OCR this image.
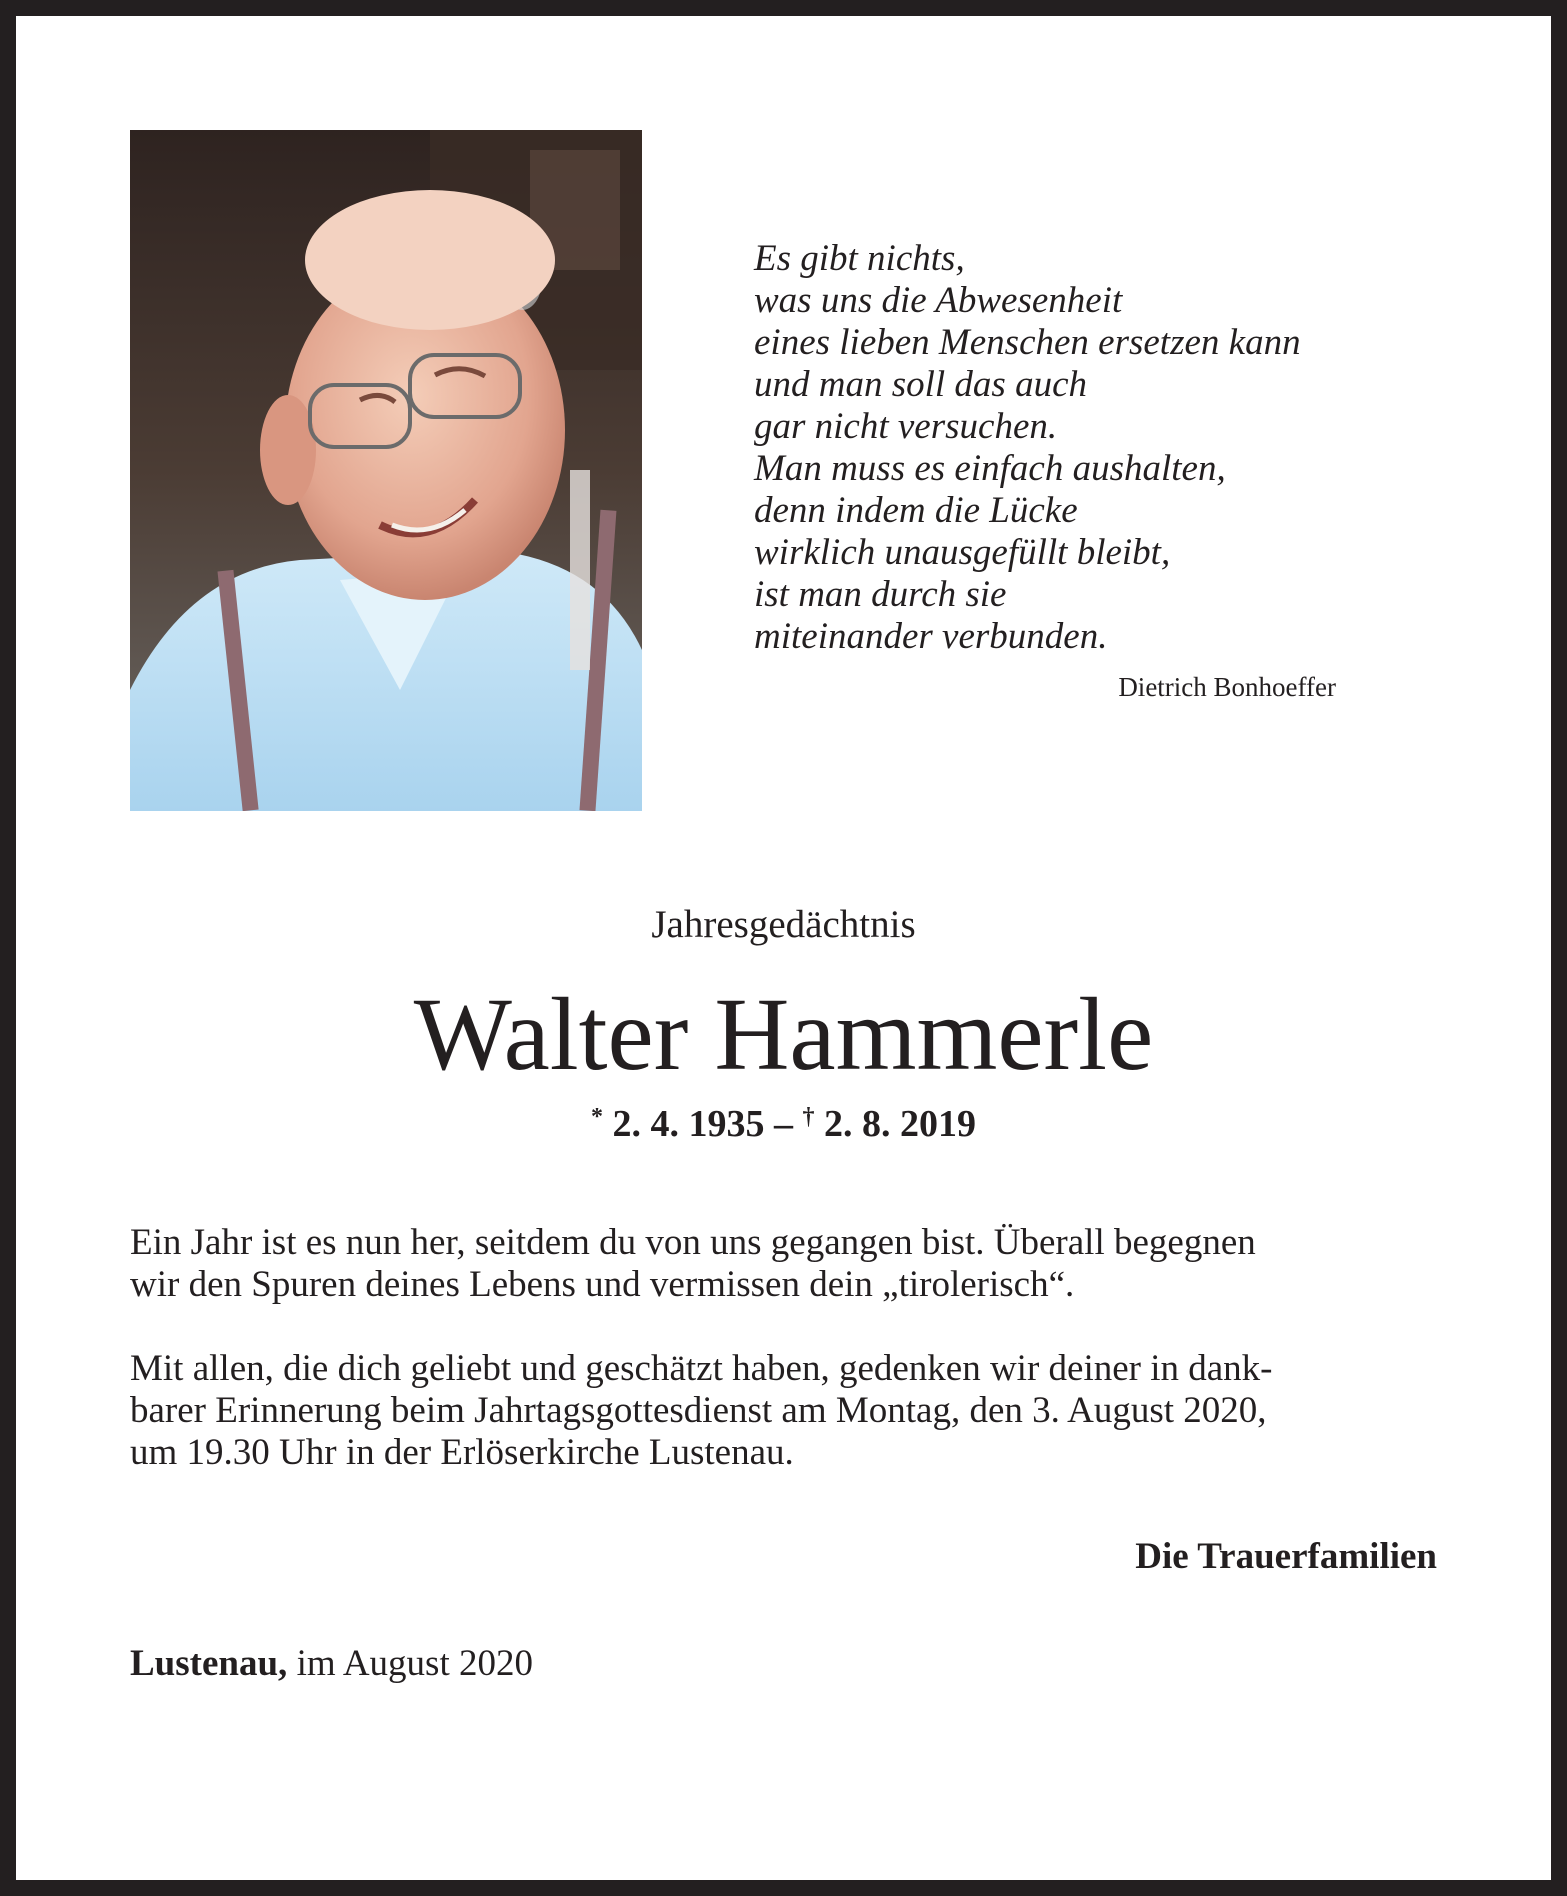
Es gibt nichts,
was uns die Abwesenheit
eines lieben Menschen ersetzen kann
und man soll das auch
gar nicht versuchen.
Man muss es einfach aushalten,
denn indem die Lücke
wirklich unausgefüllt bleibt,
ist man durch sie
miteinander verbunden.
Dietrich Bonhoeffer
Jahresgedächtnis
Walter Hammerle
* 2. 4. 1935 – † 2. 8. 2019
Ein Jahr ist es nun her, seitdem du von uns gegangen bist. Überall begegnen
wir den Spuren deines Lebens und vermissen dein „tirolerisch“.
Mit allen, die dich geliebt und geschätzt haben, gedenken wir deiner in dank-
barer Erinnerung beim Jahrtagsgottesdienst am Montag, den 3. August 2020,
um 19.30 Uhr in der Erlöserkirche Lustenau.
Die Trauerfamilien
Lustenau, im August 2020
